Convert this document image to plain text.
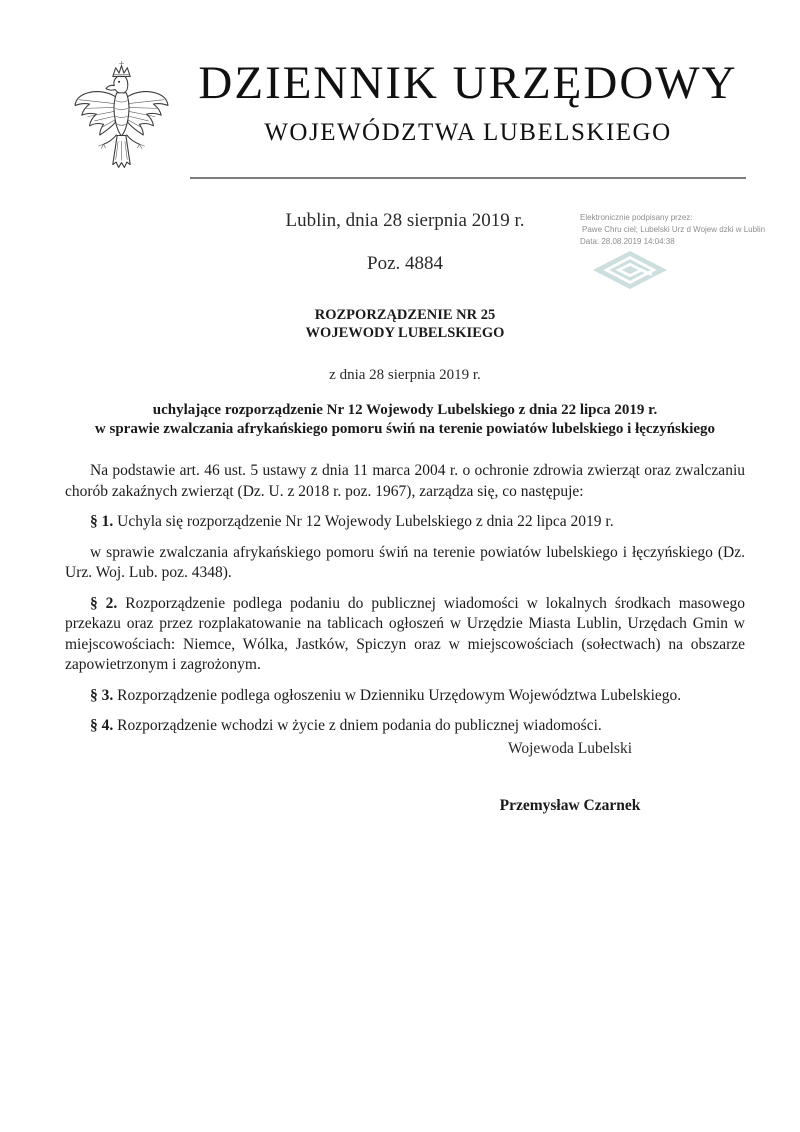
DZIENNIK URZĘDOWY
WOJEWÓDZTWA LUBELSKIEGO
Lublin, dnia 28 sierpnia 2019 r.
Poz. 4884
Elektronicznie podpisany przez:
Pawe Chru ciel; Lubelski Urz d Wojew dzki w Lublin
Data: 28.08.2019 14:04:38
ROZPORZĄDZENIE NR 25
WOJEWODY LUBELSKIEGO
z dnia 28 sierpnia 2019 r.
uchylające rozporządzenie Nr 12 Wojewody Lubelskiego z dnia 22 lipca 2019 r.
w sprawie zwalczania afrykańskiego pomoru świń na terenie powiatów lubelskiego i łęczyńskiego

Na podstawie art. 46 ust. 5 ustawy z dnia 11 marca 2004 r. o ochronie zdrowia zwierząt oraz zwalczaniu chorób zakaźnych zwierząt (Dz. U. z 2018 r. poz. 1967), zarządza się, co następuje:

§ 1. Uchyla się rozporządzenie Nr 12 Wojewody Lubelskiego z dnia 22 lipca 2019 r.

w sprawie zwalczania afrykańskiego pomoru świń na terenie powiatów lubelskiego i łęczyńskiego (Dz. Urz. Woj. Lub. poz. 4348).

§ 2. Rozporządzenie podlega podaniu do publicznej wiadomości w lokalnych środkach masowego przekazu oraz przez rozplakatowanie na tablicach ogłoszeń w Urzędzie Miasta Lublin, Urzędach Gmin w miejscowościach: Niemce, Wólka, Jastków, Spiczyn oraz w miejscowościach (sołectwach) na obszarze zapowietrzonym i zagrożonym.

§ 3. Rozporządzenie podlega ogłoszeniu w Dzienniku Urzędowym Województwa Lubelskiego.

§ 4. Rozporządzenie wchodzi w życie z dniem podania do publicznej wiadomości.

Wojewoda Lubelski
Przemysław Czarnek
